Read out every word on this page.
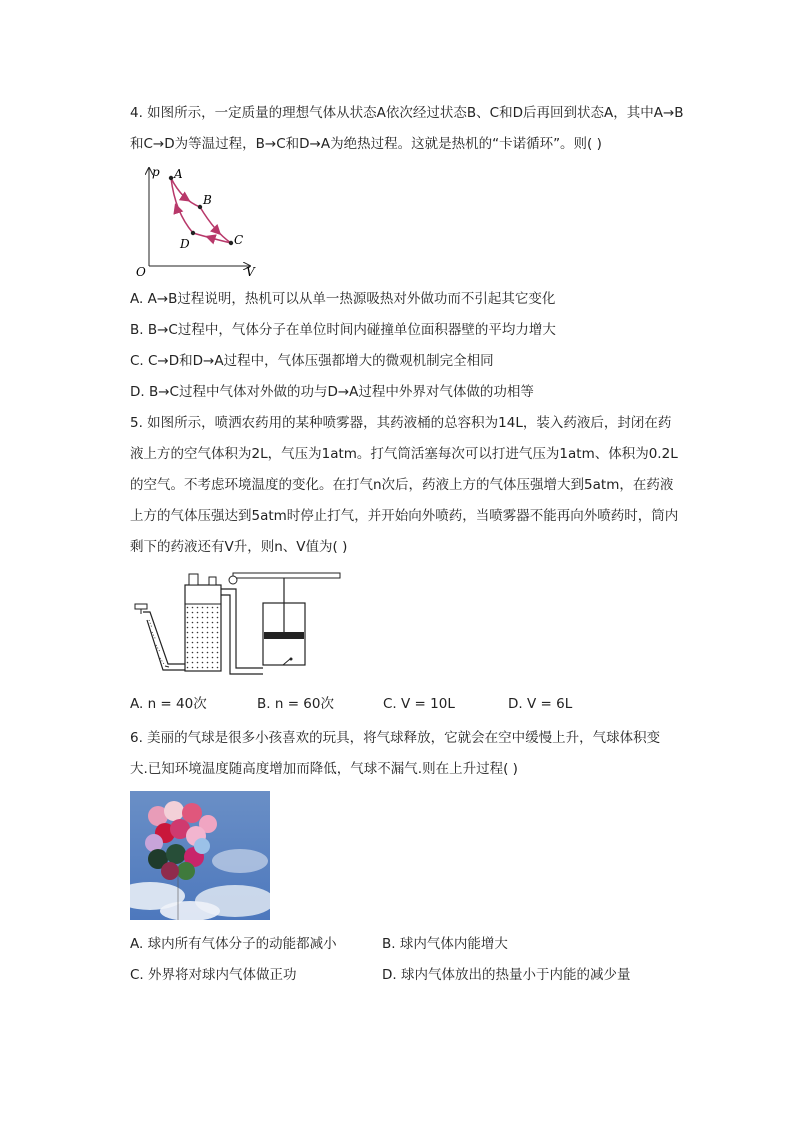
4. 如图所示，一定质量的理想气体从状态A依次经过状态B、C和D后再回到状态A，其中A→B
和C→D为等温过程，B→C和D→A为绝热过程。这就是热机的“卡诺循环”。则( )
p
V
O
A
B
C
D
A. A→B过程说明，热机可以从单一热源吸热对外做功而不引起其它变化
B. B→C过程中，气体分子在单位时间内碰撞单位面积器壁的平均力增大
C. C→D和D→A过程中，气体压强都增大的微观机制完全相同
D. B→C过程中气体对外做的功与D→A过程中外界对气体做的功相等
5. 如图所示，喷洒农药用的某种喷雾器，其药液桶的总容积为14L，装入药液后，封闭在药
液上方的空气体积为2L，气压为1atm。打气筒活塞每次可以打进气压为1atm、体积为0.2L
的空气。不考虑环境温度的变化。在打气n次后，药液上方的气体压强增大到5atm，在药液
上方的气体压强达到5atm时停止打气，并开始向外喷药，当喷雾器不能再向外喷药时，筒内
剩下的药液还有V升，则n、V值为( )
A. n = 40次	B. n = 60次	C. V = 10L	D. V = 6L
6. 美丽的气球是很多小孩喜欢的玩具，将气球释放，它就会在空中缓慢上升，气球体积变
大.已知环境温度随高度增加而降低，气球不漏气.则在上升过程( )
A. 球内所有气体分子的动能都减小	B. 球内气体内能增大
C. 外界将对球内气体做正功	D. 球内气体放出的热量小于内能的减少量
